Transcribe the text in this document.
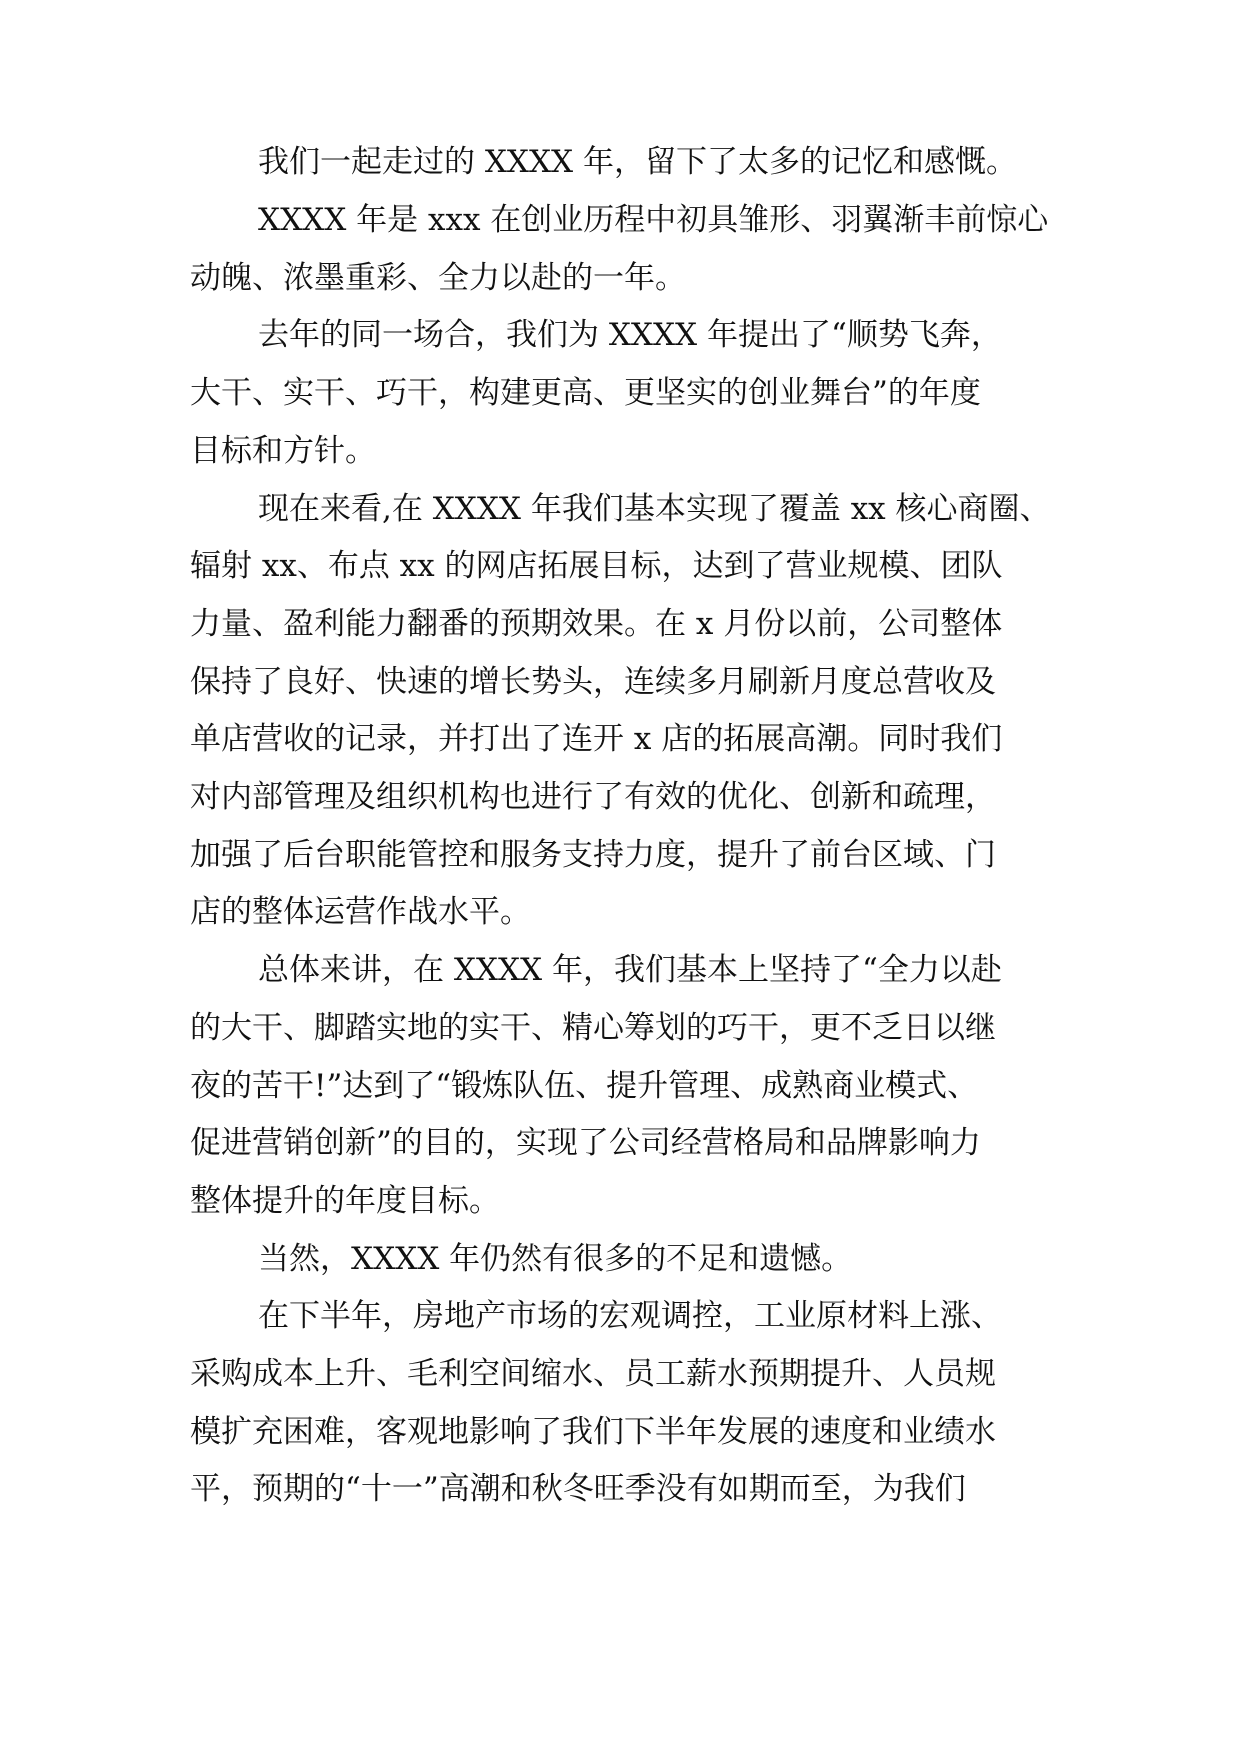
我们一起走过的 XXXX 年，留下了太多的记忆和感慨。
XXXX 年是 xxx 在创业历程中初具雏形、羽翼渐丰前惊心
动魄、浓墨重彩、全力以赴的一年。
去年的同一场合，我们为 XXXX 年提出了“顺势飞奔，
大干、实干、巧干，构建更高、更坚实的创业舞台”的年度
目标和方针。
现在来看,在 XXXX 年我们基本实现了覆盖 xx 核心商圈、
辐射 xx、布点 xx 的网店拓展目标，达到了营业规模、团队
力量、盈利能力翻番的预期效果。在 x 月份以前，公司整体
保持了良好、快速的增长势头，连续多月刷新月度总营收及
单店营收的记录，并打出了连开 x 店的拓展高潮。同时我们
对内部管理及组织机构也进行了有效的优化、创新和疏理，
加强了后台职能管控和服务支持力度，提升了前台区域、门
店的整体运营作战水平。
总体来讲，在 XXXX 年，我们基本上坚持了“全力以赴
的大干、脚踏实地的实干、精心筹划的巧干，更不乏日以继
夜的苦干!”达到了“锻炼队伍、提升管理、成熟商业模式、
促进营销创新”的目的，实现了公司经营格局和品牌影响力
整体提升的年度目标。
当然，XXXX 年仍然有很多的不足和遗憾。
在下半年，房地产市场的宏观调控，工业原材料上涨、
采购成本上升、毛利空间缩水、员工薪水预期提升、人员规
模扩充困难，客观地影响了我们下半年发展的速度和业绩水
平，预期的“十一”高潮和秋冬旺季没有如期而至，为我们
